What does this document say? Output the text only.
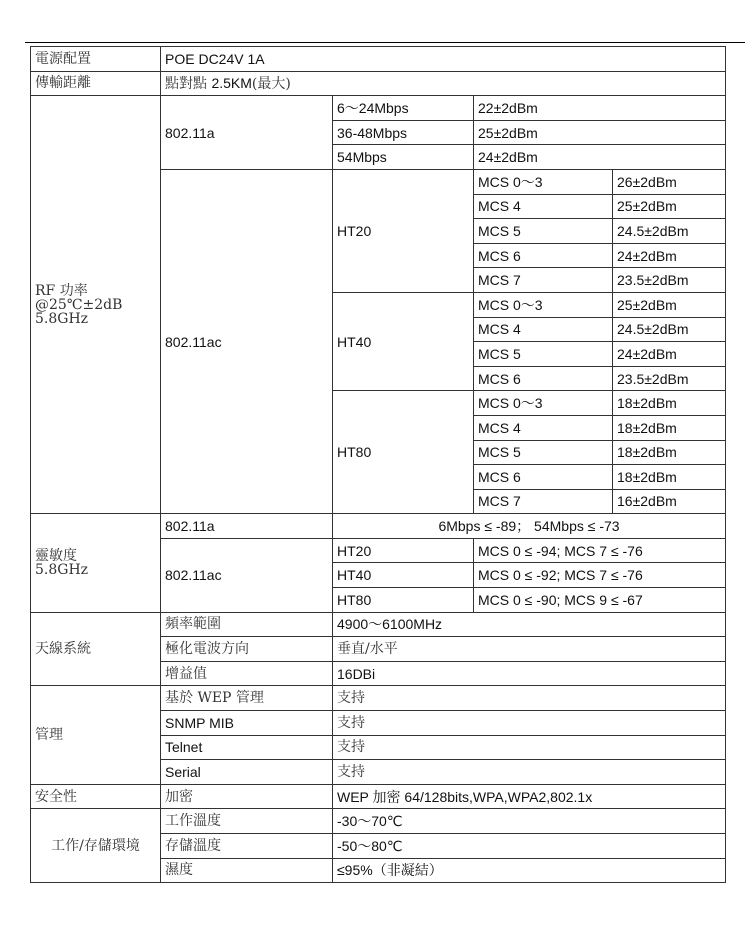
電源配置	POE DC24V 1A			
傳輸距離	點對點 2.5KM(最大)			
RF 功率
@25℃±2dB
5.8GHz	802.11a	6～24Mbps	22±2dBm	
		36-48Mbps	25±2dBm	
		54Mbps	24±2dBm	
	802.11ac	HT20	MCS 0～3	26±2dBm
			MCS 4	25±2dBm
			MCS 5	24.5±2dBm
			MCS 6	24±2dBm
			MCS 7	23.5±2dBm
		HT40	MCS 0～3	25±2dBm
			MCS 4	24.5±2dBm
			MCS 5	24±2dBm
			MCS 6	23.5±2dBm
		HT80	MCS 0～3	18±2dBm
			MCS 4	18±2dBm
			MCS 5	18±2dBm
			MCS 6	18±2dBm
			MCS 7	16±2dBm
靈敏度
5.8GHz	802.11a	6Mbps ≤ -89； 54Mbps ≤ -73		
	802.11ac	HT20	MCS 0 ≤ -94; MCS 7 ≤ -76	
		HT40	MCS 0 ≤ -92; MCS 7 ≤ -76	
		HT80	MCS 0 ≤ -90; MCS 9 ≤ -67	
天線系統	頻率範圍	4900～6100MHz		
	極化電波方向	垂直/水平		
	增益值	16DBi		
管理	基於 WEP 管理	支持		
	SNMP MIB	支持		
	Telnet	支持		
	Serial	支持		
安全性	加密	WEP 加密 64/128bits,WPA,WPA2,802.1x		
工作/存儲環境	工作溫度	-30～70℃		
	存儲溫度	-50～80℃		
	濕度	≤95%（非凝結）		
